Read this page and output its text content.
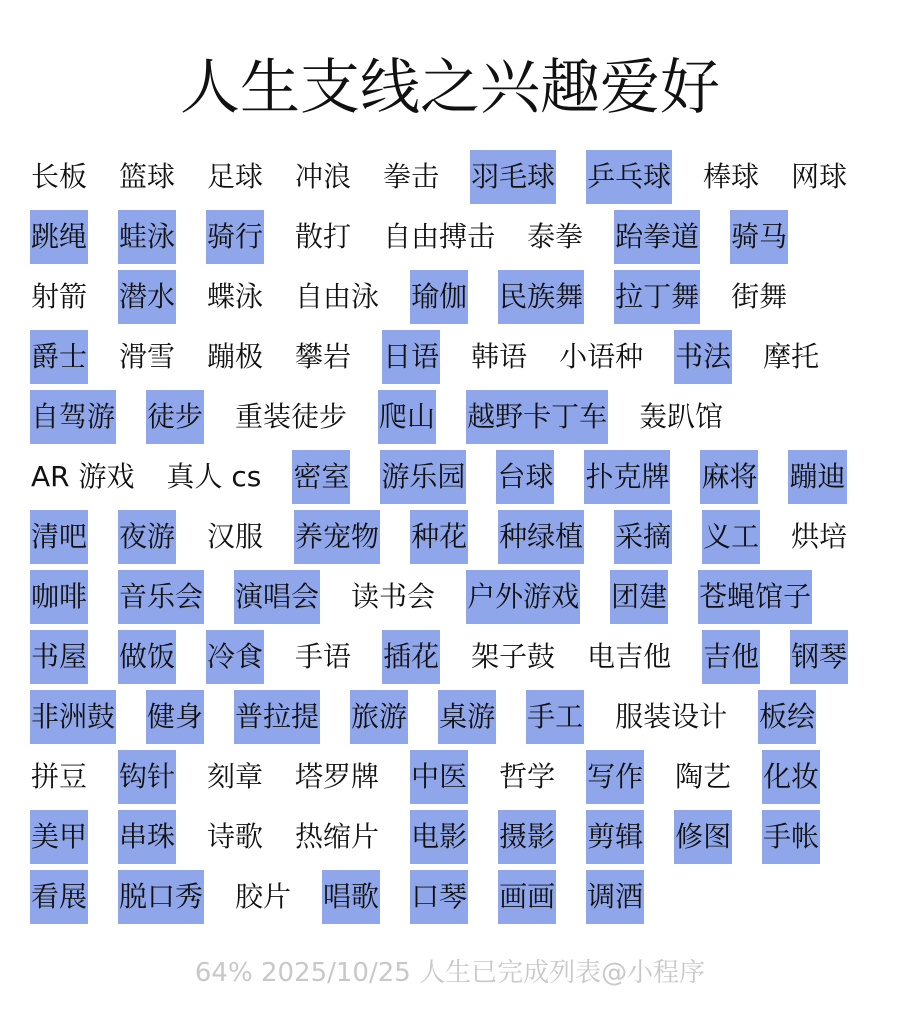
人生支线之兴趣爱好
长板 篮球 足球 冲浪 拳击 羽毛球 乒乓球 棒球 网球
跳绳 蛙泳 骑行 散打 自由搏击 泰拳 跆拳道 骑马
射箭 潜水 蝶泳 自由泳 瑜伽 民族舞 拉丁舞 街舞
爵士 滑雪 蹦极 攀岩 日语 韩语 小语种 书法 摩托
自驾游 徒步 重装徒步 爬山 越野卡丁车 轰趴馆
AR 游戏 真人 cs 密室 游乐园 台球 扑克牌 麻将 蹦迪
清吧 夜游 汉服 养宠物 种花 种绿植 采摘 义工 烘培
咖啡 音乐会 演唱会 读书会 户外游戏 团建 苍蝇馆子
书屋 做饭 冷食 手语 插花 架子鼓 电吉他 吉他 钢琴
非洲鼓 健身 普拉提 旅游 桌游 手工 服装设计 板绘
拼豆 钩针 刻章 塔罗牌 中医 哲学 写作 陶艺 化妆
美甲 串珠 诗歌 热缩片 电影 摄影 剪辑 修图 手帐
看展 脱口秀 胶片 唱歌 口琴 画画 调酒
64% 2025/10/25 人生已完成列表@小程序
